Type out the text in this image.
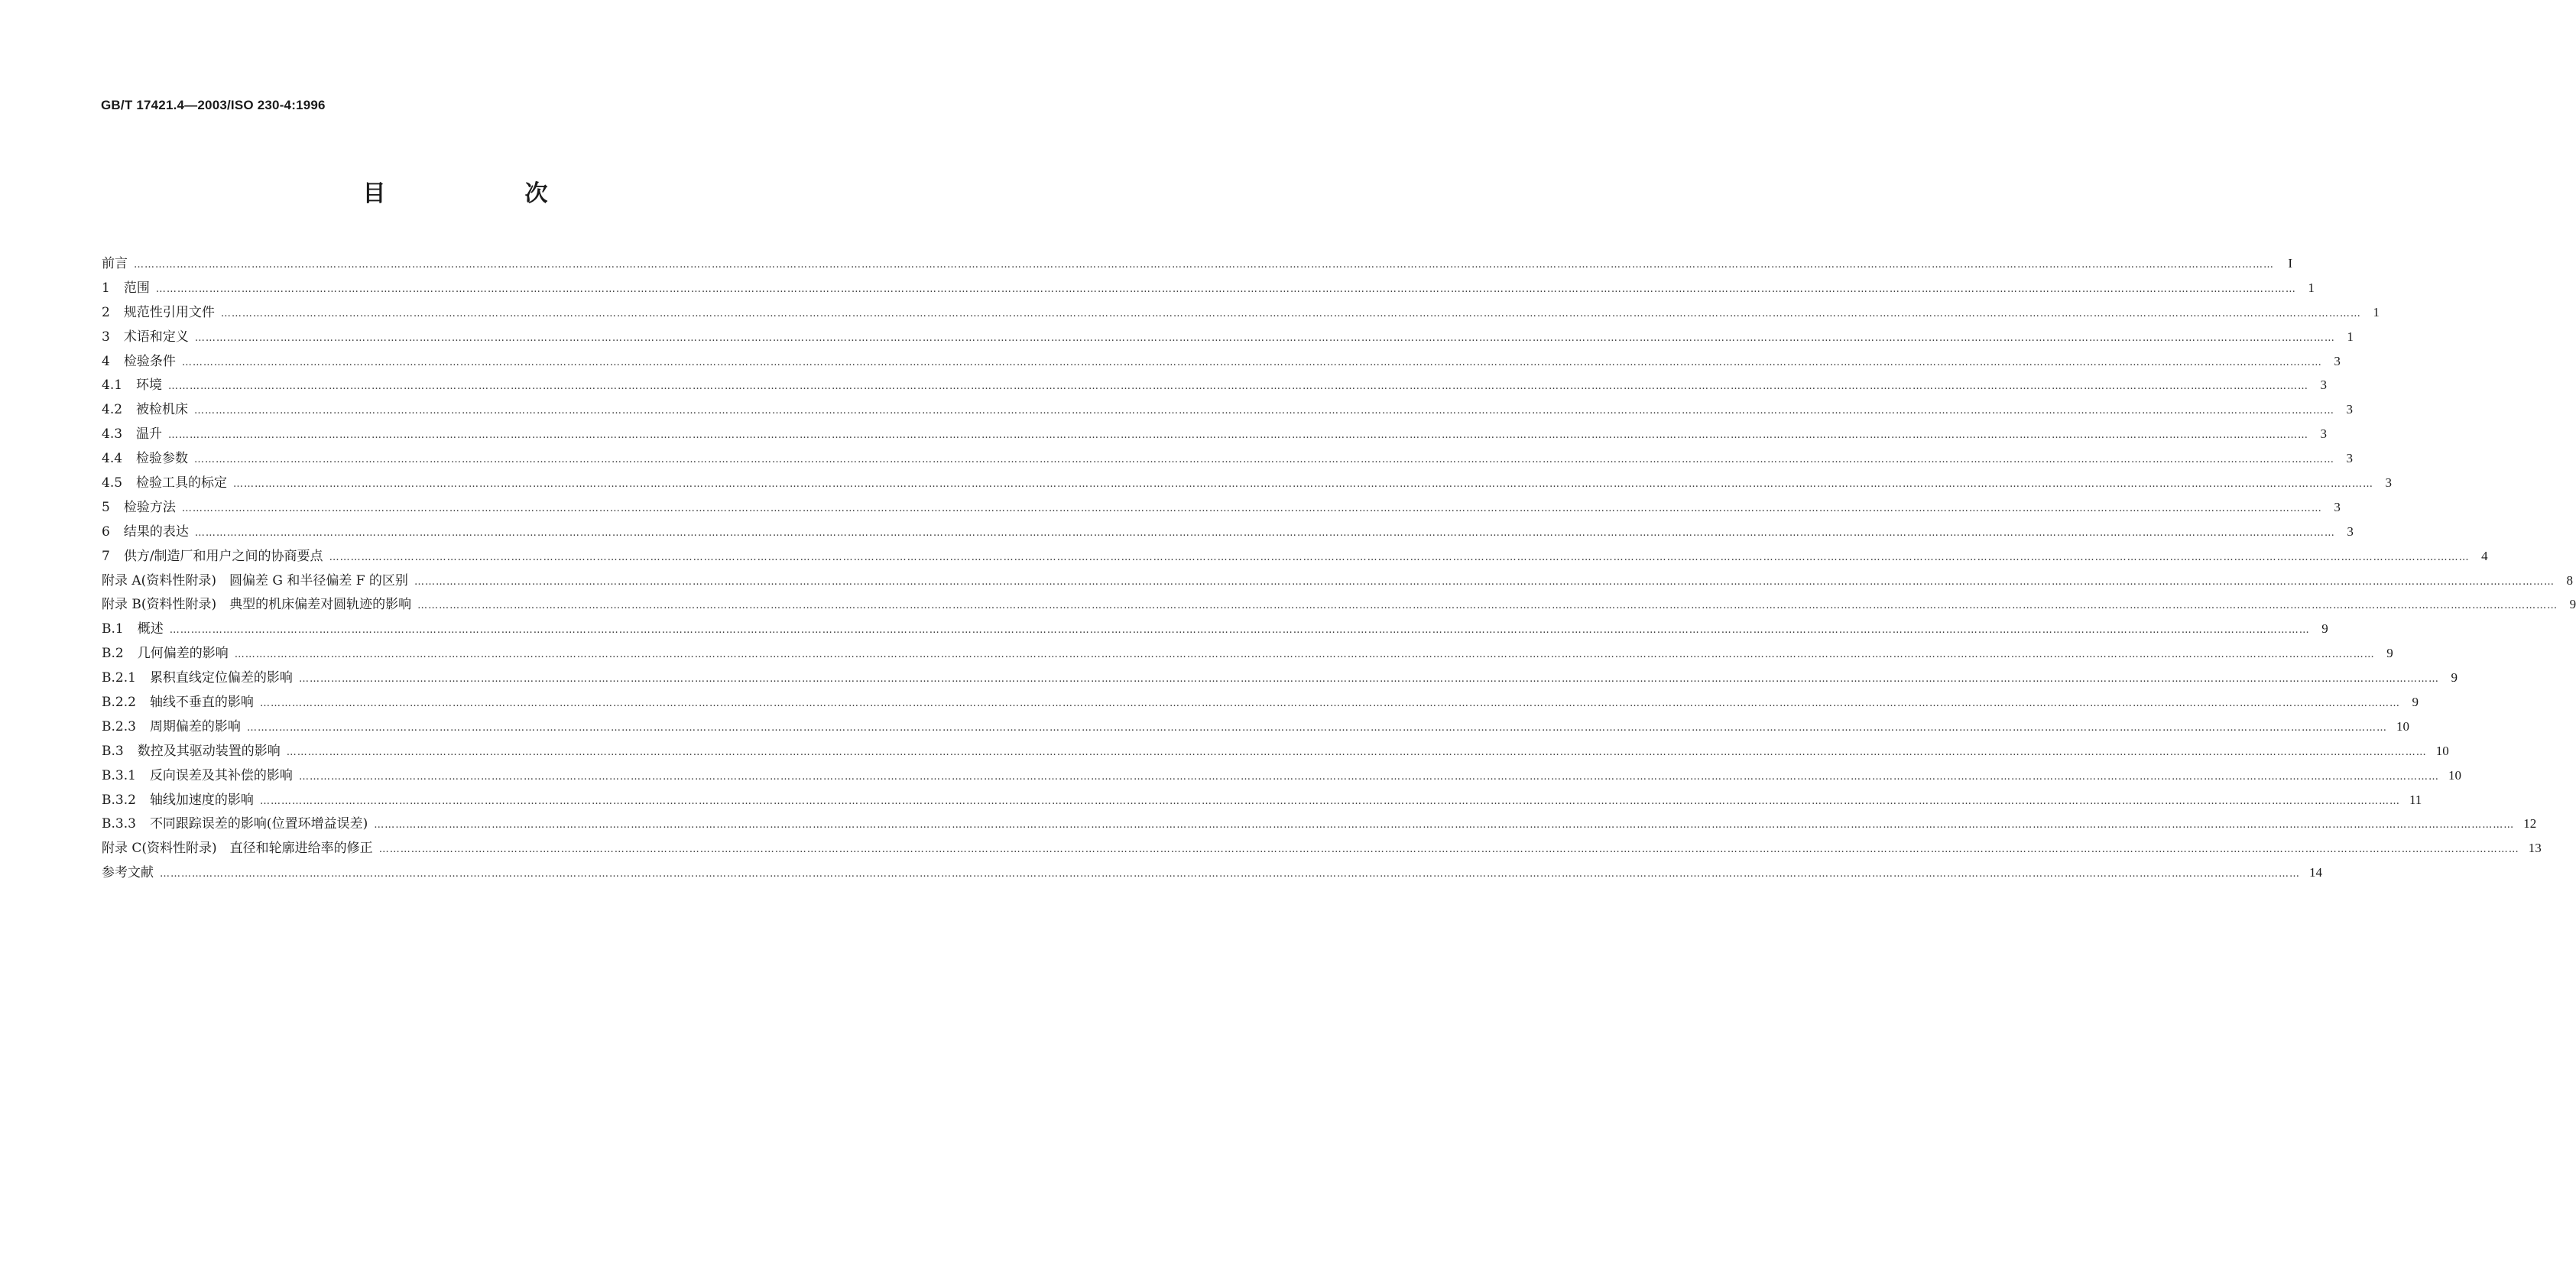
GB/T 17421.4—2003/ISO 230-4:1996
目　次
前言 ……………………………………………………………………………………………………………………………………………………………………………………………………………………………………………………………………………………………………………………………………………………………………………………………………………………………………………………………………………………………………………………………………………………	I
1 范围 …………………………………………………………………………………………………………………………………………………………………………………………………………………………………………………………………………………………………………………………………………………………………………………………………………………………………………………………………………………………………………………………………………………… 1
2 规范性引用文件 …………………………………………………………………………………………………………………………………………………………………………………………………………………………………………………………………………………………………………………………………………………………………………………………………………………………………………………………………………………………………………………………………………………… 1
3 术语和定义 …………………………………………………………………………………………………………………………………………………………………………………………………………………………………………………………………………………………………………………………………………………………………………………………………………………………………………………………………………………………………………………………………………………… 1
4 检验条件 …………………………………………………………………………………………………………………………………………………………………………………………………………………………………………………………………………………………………………………………………………………………………………………………………………………………………………………………………………………………………………………………………………………… 3
4.1 环境 …………………………………………………………………………………………………………………………………………………………………………………………………………………………………………………………………………………………………………………………………………………………………………………………………………………………………………………………………………………………………………………………………………………… 3
4.2 被检机床 …………………………………………………………………………………………………………………………………………………………………………………………………………………………………………………………………………………………………………………………………………………………………………………………………………………………………………………………………………………………………………………………………………………… 3
4.3 温升 …………………………………………………………………………………………………………………………………………………………………………………………………………………………………………………………………………………………………………………………………………………………………………………………………………………………………………………………………………………………………………………………………………………… 3
4.4 检验参数 …………………………………………………………………………………………………………………………………………………………………………………………………………………………………………………………………………………………………………………………………………………………………………………………………………………………………………………………………………………………………………………………………………………… 3
4.5 检验工具的标定 …………………………………………………………………………………………………………………………………………………………………………………………………………………………………………………………………………………………………………………………………………………………………………………………………………………………………………………………………………………………………………………………………………………… 3
5 检验方法 …………………………………………………………………………………………………………………………………………………………………………………………………………………………………………………………………………………………………………………………………………………………………………………………………………………………………………………………………………………………………………………………………………………… 3
6 结果的表达 …………………………………………………………………………………………………………………………………………………………………………………………………………………………………………………………………………………………………………………………………………………………………………………………………………………………………………………………………………………………………………………………………………………… 3
7 供方/制造厂和用户之间的协商要点 …………………………………………………………………………………………………………………………………………………………………………………………………………………………………………………………………………………………………………………………………………………………………………………………………………………………………………………………………………………………………………………………………………………… 4
附录 A(资料性附录)　圆偏差 G 和半径偏差 F 的区别 …………………………………………………………………………………………………………………………………………………………………………………………………………………………………………………………………………………………………………………………………………………………………………………………………………………………………………………………………………………………………………………………………………………… 8
附录 B(资料性附录)　典型的机床偏差对圆轨迹的影响 …………………………………………………………………………………………………………………………………………………………………………………………………………………………………………………………………………………………………………………………………………………………………………………………………………………………………………………………………………………………………………………………………………………… 9
B.1 概述 …………………………………………………………………………………………………………………………………………………………………………………………………………………………………………………………………………………………………………………………………………………………………………………………………………………………………………………………………………………………………………………………………………………… 9
B.2 几何偏差的影响 …………………………………………………………………………………………………………………………………………………………………………………………………………………………………………………………………………………………………………………………………………………………………………………………………………………………………………………………………………………………………………………………………………………… 9
B.2.1 累积直线定位偏差的影响 …………………………………………………………………………………………………………………………………………………………………………………………………………………………………………………………………………………………………………………………………………………………………………………………………………………………………………………………………………………………………………………………………………………… 9
B.2.2 轴线不垂直的影响 …………………………………………………………………………………………………………………………………………………………………………………………………………………………………………………………………………………………………………………………………………………………………………………………………………………………………………………………………………………………………………………………………………………… 9
B.2.3 周期偏差的影响 …………………………………………………………………………………………………………………………………………………………………………………………………………………………………………………………………………………………………………………………………………………………………………………………………………………………………………………………………………………………………………………………………………………… 10
B.3 数控及其驱动装置的影响 …………………………………………………………………………………………………………………………………………………………………………………………………………………………………………………………………………………………………………………………………………………………………………………………………………………………………………………………………………………………………………………………………………………… 10
B.3.1 反向误差及其补偿的影响 …………………………………………………………………………………………………………………………………………………………………………………………………………………………………………………………………………………………………………………………………………………………………………………………………………………………………………………………………………………………………………………………………………………… 10
B.3.2 轴线加速度的影响 …………………………………………………………………………………………………………………………………………………………………………………………………………………………………………………………………………………………………………………………………………………………………………………………………………………………………………………………………………………………………………………………………………………… 11
B.3.3 不同跟踪误差的影响(位置环增益误差) …………………………………………………………………………………………………………………………………………………………………………………………………………………………………………………………………………………………………………………………………………………………………………………………………………………………………………………………………………………………………………………………………………………… 12
附录 C(资料性附录)　直径和轮廓进给率的修正 …………………………………………………………………………………………………………………………………………………………………………………………………………………………………………………………………………………………………………………………………………………………………………………………………………………………………………………………………………………………………………………………………………………… 13
参考文献 …………………………………………………………………………………………………………………………………………………………………………………………………………………………………………………………………………………………………………………………………………………………………………………………………………………………………………………………………………………………………………………………………………………… 14
